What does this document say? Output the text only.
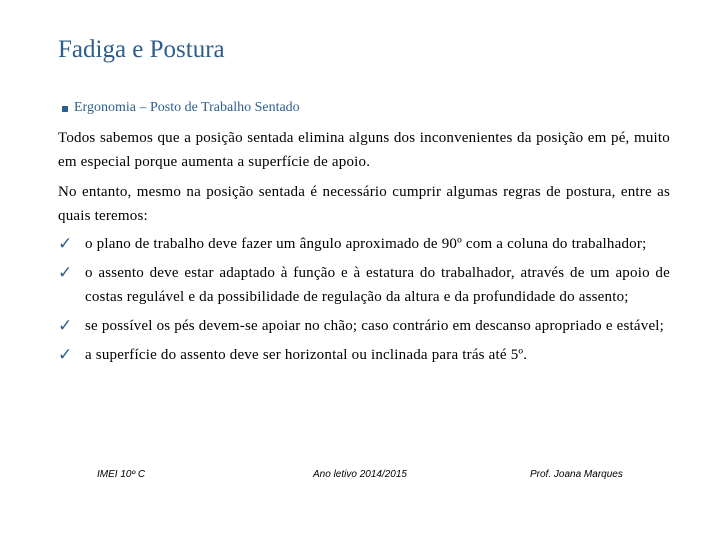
Fadiga e Postura
Ergonomia – Posto de Trabalho Sentado
Todos sabemos que a posição sentada elimina alguns dos inconvenientes da posição em pé, muito em especial porque aumenta a superfície de apoio.
No entanto, mesmo na posição sentada é necessário cumprir algumas regras de postura, entre as quais teremos:
✓ o plano de trabalho deve fazer um ângulo aproximado de 90º com a coluna do trabalhador;
✓ o assento deve estar adaptado à função e à estatura do trabalhador, através de um apoio de costas regulável e da possibilidade de regulação da altura e da profundidade do assento;
✓ se possível os pés devem-se apoiar no chão; caso contrário em descanso apropriado e estável;
✓ a superfície do assento deve ser horizontal ou inclinada para trás até 5º.
IMEI 10º C	Ano letivo 2014/2015	Prof. Joana Marques
